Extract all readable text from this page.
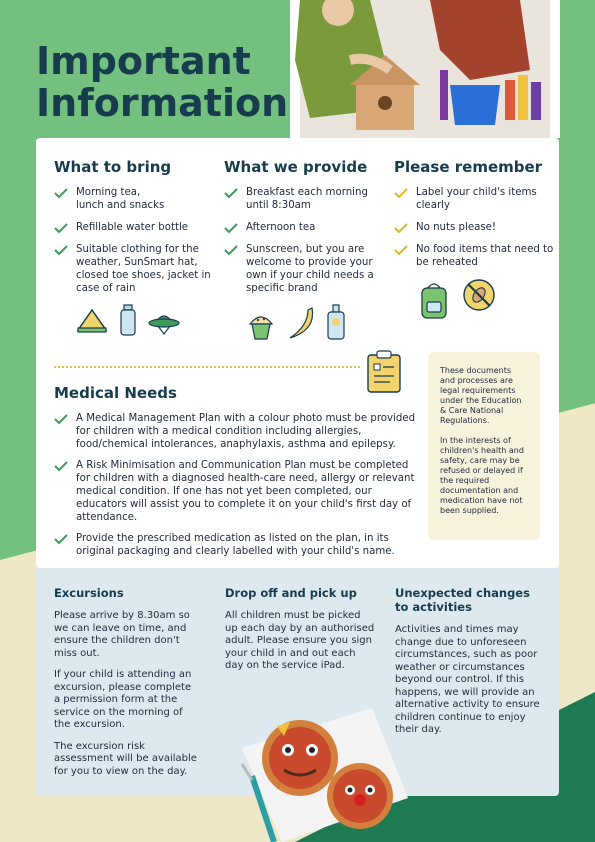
Important
Information
What to bring
Morning tea,
lunch and snacks
Refillable water bottle
Suitable clothing for the weather, SunSmart hat, closed toe shoes, jacket in case of rain
What we provide
Breakfast each morning until 8:30am
Afternoon tea
Sunscreen, but you are welcome to provide your own if your child needs a specific brand
Please remember
Label your child's items clearly
No nuts please!
No food items that need to be reheated
Medical Needs
A Medical Management Plan with a colour photo must be provided for children with a medical condition including allergies, food/chemical intolerances, anaphylaxis, asthma and epilepsy.
A Risk Minimisation and Communication Plan must be completed for children with a diagnosed health-care need, allergy or relevant medical condition. If one has not yet been completed, our educators will assist you to complete it on your child's first day of attendance.
Provide the prescribed medication as listed on the plan, in its original packaging and clearly labelled with your child's name.

These documents and processes are legal requirements under the Education & Care National Regulations.

In the interests of children's health and safety, care may be refused or delayed if the required documentation and medication have not been supplied.

Excursions

Please arrive by 8.30am so we can leave on time, and ensure the children don't miss out.

If your child is attending an excursion, please complete a permission form at the service on the morning of the excursion.

The excursion risk assessment will be available for you to view on the day.

Drop off and pick up

All children must be picked up each day by an authorised adult. Please ensure you sign your child in and out each day on the service iPad.

Unexpected changes to activities

Activities and times may change due to unforeseen circumstances, such as poor weather or circumstances beyond our control. If this happens, we will provide an alternative activity to ensure children continue to enjoy their day.
